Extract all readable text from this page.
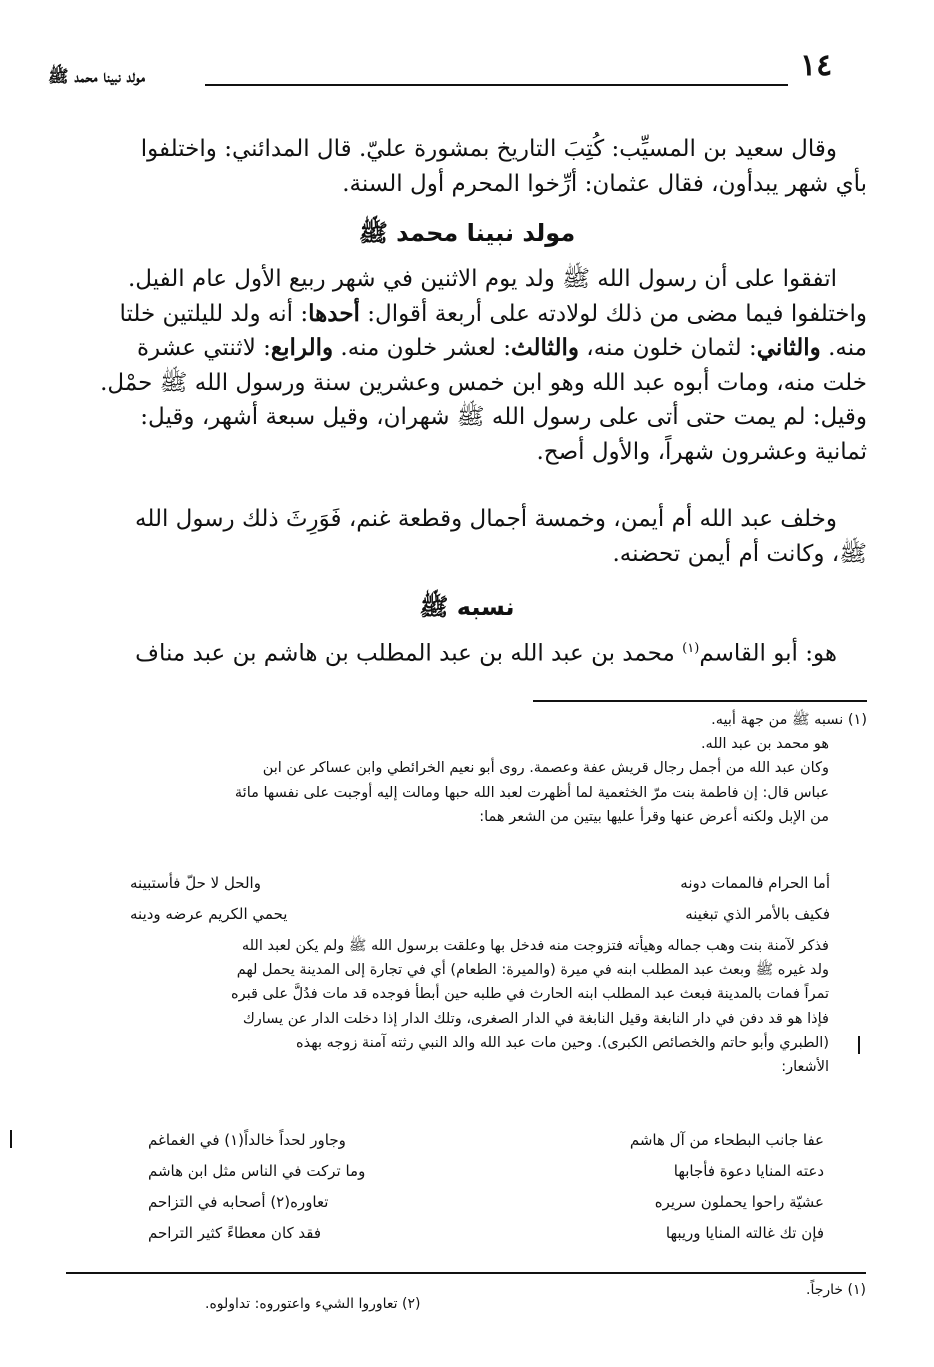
١٤
مولد نبينا محمد ﷺ
وقال سعيد بن المسيِّب: كُتِبَ التاريخ بمشورة عليّ. قال المدائني: واختلفوا
بأي شهر يبدأون، فقال عثمان: أرِّخوا المحرم أول السنة.
مولد نبينا محمد ﷺ
اتفقوا على أن رسول الله ﷺ ولد يوم الاثنين في شهر ربيع الأول عام الفيل.
واختلفوا فيما مضى من ذلك لولادته على أربعة أقوال: أحدها: أنه ولد لليلتين خلتا
منه. والثاني: لثمان خلون منه، والثالث: لعشر خلون منه. والرابع: لاثنتي عشرة
خلت منه، ومات أبوه عبد الله وهو ابن خمس وعشرين سنة ورسول الله ﷺ حمْل.
وقيل: لم يمت حتى أتى على رسول الله ﷺ شهران، وقيل سبعة أشهر، وقيل:
ثمانية وعشرون شهراً، والأول أصح.
وخلف عبد الله أم أيمن، وخمسة أجمال وقطعة غنم، فَوَرِثَ ذلك رسول الله
ﷺ، وكانت أم أيمن تحضنه.
نسبه ﷺ
هو: أبو القاسم$^{(١)}$ محمد بن عبد الله بن عبد المطلب بن هاشم بن عبد مناف
(١) نسبه ﷺ من جهة أبيه.
هو محمد بن عبد الله.
وكان عبد الله من أجمل رجال قريش عفة وعصمة. روى أبو نعيم الخرائطي وابن عساكر عن ابن
عباس قال: إن فاطمة بنت مرّ الخثعمية لما أظهرت لعبد الله حبها ومالت إليه أوجبت على نفسها مائة
من الإبل ولكنه أعرض عنها وقرأ عليها بيتين من الشعر هما:
أما الحرام فالممات دونه
والحل لا حلّ فأستبينه
فكيف بالأمر الذي تبغينه
يحمي الكريم عرضه ودينه
فذكر لآمنة بنت وهب جماله وهيأته فتزوجت منه فدخل بها وعلقت برسول الله ﷺ ولم يكن لعبد الله
ولد غيره ﷺ وبعث عبد المطلب ابنه في ميرة (والميرة: الطعام) أي في تجارة إلى المدينة يحمل لهم
تمراً فمات بالمدينة فبعث عبد المطلب ابنه الحارث في طلبه حين أبطأ فوجده قد مات فدُلَّ على قبره
فإذا هو قد دفن في دار النابغة وقيل النابغة في الدار الصغرى، وتلك الدار إذا دخلت الدار عن يسارك
(الطبري وأبو حاتم والخصائص الكبرى). وحين مات عبد الله والد النبي رثته آمنة زوجه بهذه
الأشعار:
عفا جانب البطحاء من آل هاشم
وجاور لحداً خالداً(١) في الغماغم
دعته المنايا دعوة فأجابها
وما تركت في الناس مثل ابن هاشم
عشيّة راحوا يحملون سريره
تعاوره(٢) أصحابه في التزاحم
فإن تك غالته المنايا وريبها
فقد كان معطاءً كثير التراحم
(١) خارجاً.
(٢) تعاوروا الشيء واعتوروه: تداولوه.
